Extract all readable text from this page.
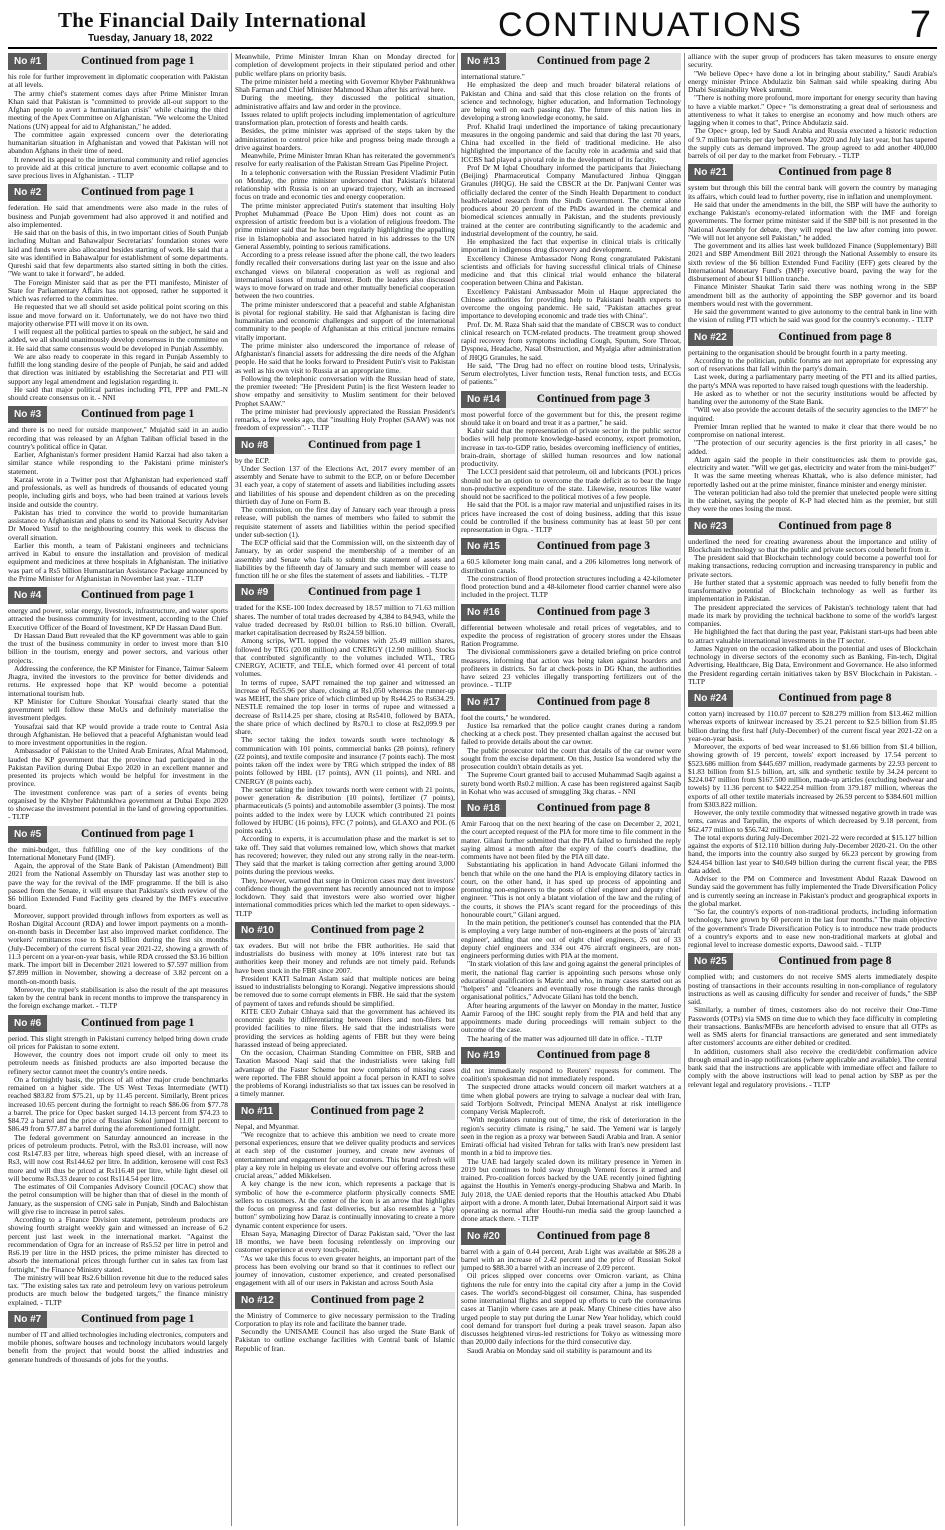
The Financial Daily International
Tuesday, January 18, 2022	CONTINUATIONS	7
No #1	Continued from page 1

his role for further improvement in diplomatic cooperation with Pakistan at all levels.

The army chief's statement comes days after Prime Minister Imran Khan said that Pakistan is "committed to provide all-out support to the Afghan people to avert a humanitarian crisis" while chairing the third meeting of the Apex Committee on Afghanistan. "We welcome the United Nations (UN) appeal for aid to Afghanistan," he added.

The committee again expressed concern over the deteriorating humanitarian situation in Afghanistan and vowed that Pakistan will not abandon Afghans in their time of need.

It renewed its appeal to the international community and relief agencies to provide aid at this critical juncture to avert economic collapse and to save precious lives in Afghanistan. - TLTP

No #2	Continued from page 1

federation. He said that amendments were also made in the rules of business and Punjab government had also approved it and notified and also implemented.

He said that on the basis of this, in two important cities of South Punjab including Multan and Bahawalpur Secretariats' foundation stones were laid and funds were also allocated besides starting of work. He said that a site was identified in Bahawalpur for establishment of some departments. Qureshi said that few departments also started sitting in both the cities. "We want to take it forward", he added.

The Foreign Minister said that as per the PTI manifesto, Minister of State for Parliamentary Affairs has not opposed, rather he supported it which was referred to the committee.

He requested that we all should set aside political point scoring on this issue and move forward on it. Unfortunately, we do not have two third majority otherwise PTI will move it on its own.

I will request all the political parties to speak on the subject, he said and added, we all should unanimously develop consensus in the committee on it. He said that same consensus would be developed in Punjab Assembly.

We are also ready to cooperate in this regard in Punjab Assembly to fulfill the long standing desire of the people of Punjab, he said and added that direction was initiated by establishing the Secretariat and PTI will support any legal amendment and legislation regarding it.

He said that major political parties including PTI, PPP and PML-N should create consensus on it. - NNI

No #3	Continued from page 1

and there is no need for outside manpower," Mujahid said in an audio recording that was released by an Afghan Taliban official based in the country's political office in Qatar.

Earlier, Afghanistan's former president Hamid Karzai had also taken a similar stance while responding to the Pakistani prime minister's statement.

Karzai wrote in a Twitter post that Afghanistan had experienced staff and professionals, as well as hundreds of thousands of educated young people, including girls and boys, who had been trained at various levels inside and outside the country.

Pakistan has tried to convince the world to provide humanitarian assistance to Afghanistan and plans to send its National Security Adviser Dr Moeed Yusuf to the neighbouring country this week to discuss the overall situation.

Earlier this month, a team of Pakistani engineers and technicians arrived in Kabul to ensure the installation and provision of medical equipment and medicines at three hospitals in Afghanistan. The initiative was part of a Rs5 billion Humanitarian Assistance Package announced by the Prime Minister for Afghanistan in November last year. - TLTP

No #4	Continued from page 1

energy and power, solar energy, livestock, infrastructure, and water sports attracted the business community for investment, according to the Chief Executive Officer of the Board of Investment, KP Dr Hassan Daud Butt.

Dr Hassan Daud Butt revealed that the KP government was able to gain the trust of the business community in order to invest more than $10 billion in the tourism, energy and power sectors, and various other projects.

Addressing the conference, the KP Minister for Finance, Taimur Saleem Jhagra, invited the investors to the province for better dividends and returns. He expressed hope that KP would become a potential international tourism hub.

KP Minister for Culture Shoukat Yousafzai clearly stated that the government will follow these MoUs and definitely materialise the investment pledges.

Yousafzai said that KP would provide a trade route to Central Asia through Afghanistan. He believed that a peaceful Afghanistan would lead to more investment opportunities in the region.

Ambassador of Pakistan to the United Arab Emirates, Afzal Mahmood, lauded the KP government that the province had participated in the Pakistan Pavilion during Dubai Expo 2020 in an excellent manner and presented its projects which would be helpful for investment in the province.

The investment conference was part of a series of events being organised by the Khyber Pakhtunkhwa government at Dubai Expo 2020 to showcase the investment potential in the land of growing opportunities. - TLTP

No #5	Continued from page 1

the mini-budget, thus fulfilling one of the key conditions of the International Monetary Fund (IMF).

Again, the approval of the State Bank of Pakistan (Amendment) Bill 2021 from the National Assembly on Thursday last was another step to pave the way for the revival of the IMF programme. If the bill is also passed from the Senate, it will ensure that Pakistan's sixth review of the $6 billion Extended Fund Facility gets cleared by the IMF's executive board.

Moreover, support provided through inflows from exporters as well as Roshan Digital Account (RDA) and lower import payments on a month-on-month basis in December last also improved market confidence. The workers' remittances rose to $15.8 billion during the first six months (July-December) of the current fiscal year 2021-22, showing a growth of 11.3 percent on a year-on-year basis, while RDA crossed the $3.16 billion mark. The import bill in December 2021 lowered to $7.597 million from $7.899 million in November, showing a decrease of 3.82 percent on a month-on-month basis.

Moreover, the rupee's stabilisation is also the result of the apt measures taken by the central bank in recent months to improve the transparency in the foreign exchange market. - TLTP

No #6	Continued from page 1

period. This slight strength in Pakistani currency helped bring down crude oil prices for Pakistan to some extent.

However, the country does not import crude oil only to meet its petroleum needs as finished products are also imported because the refinery sector cannot meet the country's entire needs.

On a fortnightly basis, the prices of all other major crude benchmarks remained on a higher side. The US West Texas Intermediate (WTI) reached $83.82 from $75.21, up by 11.45 percent. Similarly, Brent prices increased 10.65 percent during the fortnight to reach $86.06 from $77.78 a barrel. The price for Opec basket surged 14.13 percent from $74.23 to $84.72 a barrel and the price of Russian Sokol jumped 11.01 percent to $86.49 from $77.87 a barrel during the aforementioned fortnight.

The federal government on Saturday announced an increase in the prices of petroleum products. Petrol, with the Rs3.01 increase, will now cost Rs147.83 per litre, whereas high speed diesel, with an increase of Rs3, will now cost Rs144.62 per litre. In addition, kerosene will cost Rs3 more and will thus be priced at Rs116.48 per litre, while light diesel oil will become Rs3.33 dearer to cost Rs114.54 per litre.

The estimates of Oil Companies Advisory Council (OCAC) show that the petrol consumption will be higher than that of diesel in the month of January, as the suspension of CNG sale in Punjab, Sindh and Balochistan will give rise to increase in petrol sales.

According to a Finance Division statement, petroleum products are showing fourth straight weekly gain and witnessed an increase of 6.2 percent just last week in the international market. "Against the recommendation of Ogra for an increase of Rs5.52 per litre in petrol and Rs6.19 per litre in the HSD prices, the prime minister has directed to absorb the international prices through further cut in sales tax from last fortnight," the Finance Ministry stated.

The ministry will bear Rs2.6 billion revenue hit due to the reduced sales tax. "The existing sales tax rate and petroleum levy on various petroleum products are much below the budgeted targets," the finance ministry explained. - TLTP

No #7	Continued from page 1

number of IT and allied technologies including electronics, computers and mobile phones, software houses and technology incubators would largely benefit from the project that would boost the allied industries and generate hundreds of thousands of jobs for the youths.

Meanwhile, Prime Minister Imran Khan on Monday directed for completion of development projects in their stipulated period and other public welfare plans on priority basis.

The prime minister held a meeting with Governor Khyber Pakhtunkhwa Shah Farman and Chief Minister Mahmood Khan after his arrival here.

During the meeting, they discussed the political situation, administrative affairs and law and order in the province.

Issues related to uplift projects including implementation of agriculture transformation plan, protection of forests and health cards.

Besides, the prime minister was apprised of the steps taken by the administration to control price hike and progress being made through a drive against hoarders.

Meanwhile, Prime Minister Imran Khan has reiterated the government's resolve for early realisation of the Pakistan Stream Gas Pipeline Project.

In a telephonic conversation with the Russian President Vladimir Putin on Monday, the prime minister underscored that Pakistan's bilateral relationship with Russia is on an upward trajectory, with an increased focus on trade and economic ties and energy cooperation.

The prime minister appreciated Putin's statement that insulting Holy Prophet Muhammad (Peace Be Upon Him) does not count as an expression of artistic freedom but is a violation of religious freedom. The prime minister said that he has been regularly highlighting the appalling rise in Islamophobia and associated hatred in his addresses to the UN General Assembly, pointing to serious ramifications.

According to a press release issued after the phone call, the two leaders fondly recalled their conversations during last year on the issue and also exchanged views on bilateral cooperation as well as regional and international issues of mutual interest. Both the leaders also discussed ways to move forward on trade and other mutually beneficial cooperation between the two countries.

The prime minister underscored that a peaceful and stable Afghanistan is pivotal for regional stability. He said that Afghanistan is facing dire humanitarian and economic challenges and support of the international community to the people of Afghanistan at this critical juncture remains vitally important.

The prime minister also underscored the importance of release of Afghanistan's financial assets for addressing the dire needs of the Afghan people. He said that he looks forward to President Putin's visit to Pakistan as well as his own visit to Russia at an appropriate time.

Following the telephonic conversation with the Russian head of state, the premier tweeted: "He [President Putin] is the first Western leader to show empathy and sensitivity to Muslim sentiment for their beloved Prophet SAAW."

The prime minister had previously appreciated the Russian President's remarks, a few weeks ago, that "insulting Holy Prophet (SAAW) was not freedom of expression". - TLTP

No #8	Continued from page 1

by the ECP.

Under Section 137 of the Elections Act, 2017 every member of an assembly and Senate have to submit to the ECP, on or before December 31 each year, a copy of statement of assets and liabilities including assets and liabilities of his spouse and dependent children as on the preceding thirtieth day of June on Form B.

The commission, on the first day of January each year through a press release, will publish the names of members who failed to submit the requisite statement of assets and liabilities within the period specified under sub-section (1).

The ECP official said that the Commission will, on the sixteenth day of January, by an order suspend the membership of a member of an assembly and Senate who fails to submit the statement of assets and liabilities by the fifteenth day of January and such member will cease to function till he or she files the statement of assets and liabilities. - TLTP

No #9	Continued from page 1

traded for the KSE-100 Index decreased by 18.57 million to 71.63 million shares. The number of total trades decreased by 4,384 to 84,943, while the value traded decreased by Rs0.01 billion to Rs6.10 billion. Overall, market capitalisation decreased by Rs24.59 billion.

Among scrips, WTL topped the volumes with 25.49 million shares, followed by TRG (20.08 million) and CNERGY (12.90 million). Stocks that contributed significantly to the volumes included WTL, TRG CNERGY, ACIETF, and TELE, which formed over 41 percent of total volumes.

In terms of rupee, SAPT remained the top gainer and witnessed an increase of Rs55.96 per share, closing at Rs1,050 whereas the runner-up was MEHT, the share price of which climbed up by Rs44.25 to Rs634.29. NESTLE remained the top loser in terms of rupee and witnessed a decrease of Rs114.25 per share, closing at Rs5410, followed by BATA, the share price of which declined by Rs70.1 to close at Rs2,099.9 per share.

The sector taking the index towards south were technology & communication with 101 points, commercial banks (28 points), refinery (22 points), and textile composite and insurance (7 points each). The most points taken off the index were by TRG which stripped the index of 88 points followed by HBL (17 points), AVN (11 points), and NRL and CNERGY (8 points each).

The sector taking the index towards north were cement with 21 points, power generation & distribution (10 points), fertilizer (7 points), pharmaceuticals (5 points) and automobile assembler (3 points). The most points added to the index were by LUCK which contributed 21 points followed by HUBC (16 points), FFC (7 points), and GLAXO and POL (6 points each).

According to experts, it is accumulation phase and the market is set to take off. They said that volumes remained low, which shows that market has recovered; however, they ruled out any strong rally in the near-term. They said that the market is taking correction after getting around 3,000 points during the previous weeks.

They, however, warned that surge in Omicron cases may dent investors' confidence though the government has recently announced not to impose lockdown. They said that investors were also worried over higher international commodities prices which led the market to open sideways. - TLTP

No #10	Continued from page 2

tax evaders. But will not bribe the FBR authorities. He said that industrialists do business with money at 10% interest rate but tax authorities keep their money and refunds are not timely paid. Refunds have been stuck in the FBR since 2007.

President KATI Salman Aslam said that multiple notices are being issued to industrialists belonging to Korangi. Negative impressions should be removed due to some corrupt elements in FBR. He said that the system of payment of taxes and refunds should be simplified.

KITE CEO Zubair Chhaya said that the government has achieved its economic goals by differentiating between filers and non-filers but provided facilities to nine filers. He said that the industrialists were providing the services as holding agents of FBR but they were being harassed instead of being appreciated.

On the occasion, Chairman Standing Committee on FBR, SRB and Taxation Masood Naqi said that the industrialists were taking full advantage of the Faster Scheme but now complaints of missing cases were reported. The FBR should appoint a focal person in KATI to solve the problems of Korangi industrialists so that tax issues can be resolved in a timely manner.

No #11	Continued from page 2

Nepal, and Myanmar.

"We recognize that to achieve this ambition we need to create more personal experiences, ensure that we deliver quality products and services at each step of the customer journey, and create new avenues of entertainment and engagement for our customers. This brand refresh will play a key role in helping us elevate and evolve our offering across these crucial areas," added Mikkelsen.

A key change is the new icon, which represents a package that is symbolic of how the e-commerce platform physically connects SME sellers to customers. At the center of the icon is an arrow that highlights the focus on progress and fast deliveries, but also resembles a "play button" symbolizing how Daraz is continually innovating to create a more dynamic content experience for users.

Ehsan Saya, Managing Director of Daraz Pakistan said, "Over the last 18 months, we have been focusing relentlessly on improving our customer experience at every touch-point.

"As we take this focus to even greater heights, an important part of the process has been evolving our brand so that it continues to reflect our journey of innovation, customer experience, and created personalised engagement with all of our users in Pakistan and across South Asia

No #12	Continued from page 2

the Ministry of Commerce to give necessary permission to the Trading Corporation to play its role and facilitate the banner trade.

Secondly the UNISAME Council has also urged the State Bank of Pakistan to outline exchange facilities with Central bank of Islamic Republic of Iran.

No #13	Continued from page 2

international stature."

He emphasized the deep and much broader bilateral relations of Pakistan and China and said that this close relation on the fronts of science and technology, higher education, and Information Technology are being well on each passing day. The future of this nation lies in developing a strong knowledge economy, he said.

Prof. Khalid Iraqi underlined the importance of taking precautionary measures in the ongoing pandemic and said that during the last 70 years, China had excelled in the field of traditional medicine. He also highlighted the importance of the faculty role in academia and said that ICCBS had played a pivotal role in the development of its faculty.

Prof Dr M Iqbal Choudhary informed the participants that Jiuiechang (Beijing) Pharmaceutical Company Manufactured Jinhua Qinggan Granules (JHQG). He said the CBSCR at the Dr. Panjwani Center was officially declared the center of the Sindh Health Department to conduct health-related research from the Sindh Government. The center alone produces about 20 percent of the PhDs awarded in the chemical and biomedical sciences annually in Pakistan, and the students previously trained at the center are contributing significantly to the academic and industrial development of the country, he said.

He emphasized the fact that expertise in clinical trials is critically important in indigenous drug discovery and development.

Excellency Chinese Ambassador Nong Rong congratulated Pakistani scientists and officials for having successful clinical trials of Chinese medicine and that this clinical trial would enhance the bilateral cooperation between China and Pakistan.

Excellency Pakistani Ambassador Moin ul Haque appreciated the Chinese authorities for providing help to Pakistani health experts to overcome the ongoing pandemic. He said, "Pakistan attaches great importance to developing economic and trade ties with China".

Prof. Dr. M. Raza Shah said that the mandate of CBSCR was to conduct clinical research on TCM-related products. The treatment group showed rapid recovery from symptoms including Cough, Sputum, Sore Throat, Dyspnea, Headache, Nasal Obstruction, and Myalgia after administration of JHQG Granules, he said.

He said, "The Drug had no effect on routine blood tests, Urinalysis, Serum electrolytes, Liver function tests, Renal function tests, and ECGs of patients."

No #14	Continued from page 3

most powerful force of the government but for this, the present regime should take it on board and treat it as a partner," he said.

Kabir said that the representation of private sector in the public sector bodies will help promote knowledge-based economy, export promotion, increase in tax-to-GDP ratio, besides overcoming inefficiency of entities, brain-drain, shortage of skilled human resources and low national productivity.

The LCCI president said that petroleum, oil and lubricants (POL) prices should not be an option to overcome the trade deficit as to bear the huge non-productive expenditure of the state. Likewise, resources like water should not be sacrificed to the political motives of a few people.

He said that the POL is a major raw material and unjustified raises in its prices have increased the cost of doing business, adding that this issue could be controlled if the business community has at least 50 per cent representation in Ogra. - TLTP

No #15	Continued from page 3

a 60.5 kilometer long main canal, and a 206 kilometres long network of distribution canals.

The construction of flood protection structures including a 42-kilometer flood protection bund and a 48-kilometer flood carrier channel were also included in the project. TLTP

No #16	Continued from page 3

differential between wholesale and retail prices of vegetables, and to expedite the process of registration of grocery stores under the Ehsaas Ration Programme.

The divisional commissioners gave a detailed briefing on price control measures, informing that action was being taken against hoarders and profiteers in districts. So far at check-posts in DG Khan, the authorities have seized 23 vehicles illegally transporting fertilizers out of the province. - TLTP

No #17	Continued from page 8

fool the courts," he wondered.

Justice Isa remarked that the police caught cranes during a random checking at a check post. They presented challan against the accused but failed to provide details about the car owner.

The public prosecutor told the court that details of the car owner were sought from the excise department. On this, Justice Isa wondered why the prosecution couldn't obtain details as yet.

The Supreme Court granted bail to accused Muhammad Saqib against a surety bond worth Rs0.2 million. A case has been registered against Saqib in Kohat who was accused of smuggling 3kg charas. - NNI

No #18	Continued from page 8

Amir Farooq that on the next hearing of the case on December 2, 2021, the court accepted request of the PIA for more time to file comment in the matter. Gilani further submitted that the PIA failed to furnished the reply saying almost a month after the expiry of the court's deadline, the comments have not been filed by the PIA till date.

Substantiating his application in hand Advocate Gilani informed the bench that while on the one hand the PIA is employing dilatory tactics in court, on the other hand, it has sped up process of appointing and promoting non-engineers to the posts of chief engineer and deputy chief engineer. "This is not only a blatant violation of the law and the ruling of the courts, it shows the PIA's scant regard for the proceedings of this honourable court," Gilani argued.

In the main petition, the petitioner's counsel has contended that the PIA is employing a very large number of non-engineers at the posts of 'aircraft engineer', adding that one out of eight chief engineers, 25 out of 33 deputy chief engineers and 334 out 476 aircraft engineers, are non-engineers performing duties with PIA at the moment.

"In stark violation of this law and going against the general principles of merit, the national flag carrier is appointing such persons whose only educational qualification is Matric and who, in many cases started out as "helpers" and "cleaners and eventually rose through the ranks through organisational politics," Advocate Gilani has told the bench.

After hearing arguments of the lawyer on Monday in the matter, Justice Aamir Farooq of the IHC sought reply from the PIA and held that any appointments made during proceedings will remain subject to the outcome of the case.

The hearing of the matter was adjourned till date in office. - TLTP

No #19	Continued from page 8

did not immediately respond to Reuters' requests for comment. The coalition's spokesman did not immediately respond.

The suspected drone attacks would concern oil market watchers at a time when global powers are trying to salvage a nuclear deal with Iran, said Torbjorn Soltvedt, Principal MENA Analyst at risk intelligence company Verisk Maplecroft.

"With negotiators running out of time, the risk of deterioration in the region's security climate is rising," he said. The Yemeni war is largely seen in the region as a proxy war between Saudi Arabia and Iran. A senior Emirati official had visited Tehran for talks with Iran's new president last month in a bid to improve ties.

The UAE had largely scaled down its military presence in Yemen in 2019 but continues to hold sway through Yemeni forces it armed and trained. Pro-coalition forces backed by the UAE recently joined fighting against the Houthis in Yemen's energy-producing Shabwa and Marib. In July 2018, the UAE denied reports that the Houthis attacked Abu Dhabi airport with a drone. A month later, Dubai International Airport said it was operating as normal after Houthi-run media said the group launched a drone attack there. - TLTP

No #20	Continued from page 8

barrel with a gain of 0.44 percent, Arab Light was available at $86.28 a barrel with an increase of 2.42 percent and the price of Russian Sokol jumped to $88.30 a barrel with an increase of 2.09 percent.

Oil prices slipped over concerns over Omicron variant, as China tightens the rule for entry into the capital city after a jump in the Covid cases. The world's second-biggest oil consumer, China, has suspended some international flights and stepped up efforts to curb the coronavirus cases at Tianjin where cases are at peak. Many Chinese cities have also urged people to stay put during the Lunar New Year holiday, which could cool demand for transport fuel during a peak travel season. Japan also discusses heightened virus-led restrictions for Tokyo as witnessing more than 20,000 daily infections for the third consecutive day.

Saudi Arabia on Monday said oil stability is paramount and its

alliance with the super group of producers has taken measures to ensure energy security.

"We believe Opec+ have done a lot in bringing about stability," Saudi Arabia's energy minister Prince Abdulaziz bin Salman said while speaking during Abu Dhabi Sustainability Week summit.

"There is nothing more profound, more important for energy security than having to have a viable market." Opec+ "is demonstrating a great deal of seriousness and attentiveness to what it takes to energise an economy and how much others are lagging when it comes to that", Prince Abdulaziz said.

The Opec+ group, led by Saudi Arabia and Russia executed a historic reduction of 9.7 million barrels per day between May 2020 and July last year, but has tapered the supply cuts as demand improved. The group agreed to add another 400,000 barrels of oil per day to the market from February. - TLTP

No #21	Continued from page 8

system but through this bill the central bank will govern the country by managing its affairs, which could lead to further poverty, rise in inflation and unemployment.

He said that under the amendments in the bill, the SBP will have the authority to exchange Pakistan's economy-related information with the IMF and foreign governments. The former prime minister said if the SBP bill is not presented in the National Assembly for debate, they will repeal the law after coming into power. "We will not let anyone sell Pakistan," he added.

The government and its allies last week bulldozed Finance (Supplementary) Bill 2021 and SBP Amendment Bill 2021 through the National Assembly to ensure its sixth review of the $6 billion Extended Fund Facility (EFF) gets cleared by the International Monetary Fund's (IMF) executive board, paving the way for the disbursement of about $1 billion tranche.

Finance Minister Shaukat Tarin said there was nothing wrong in the SBP amendment bill as the authority of appointing the SBP governor and its board members would rest with the government.

He said the government wanted to give autonomy to the central bank in line with the vision of ruling PTI which he said was good for the country's economy. - TLTP

No #22	Continued from page 8

pertaining to the organisation should be brought fourth in a party meeting.

According to the politician, public forums are not appropriate for expressing any sort of reservations that fall within the party's domain.

Last week, during a parliamentary party meeting of the PTI and its allied parties, the party's MNA was reported to have raised tough questions with the leadership.

He asked as to whether or not the security institutions would be affected by handing over the autonomy of the State Bank.

"Will we also provide the account details of the security agencies to the IMF?" he inquired.

Premier Imran replied that he wanted to make it clear that there would be no compromise on national interest.

"The protection of our security agencies is the first priority in all cases," he added.

Alam again said the people in their constituencies ask them to provide gas, electricity and water. "Will we get gas, electricity and water from the mini-budget?"

It was the same meeting whereas Khattak, who is also defence minister, had reportedly lashed out at the prime minister, finance minister and energy minister.

The veteran politician had also told the premier that unelected people were sitting in the cabinet, saying the people of K-P had elected him as the premier, but still they were the ones losing the most.

No #23	Continued from page 8

underlined the need for creating awareness about the importance and utility of Blockchain technology so that the public and private sectors could benefit from it.

The president said that Blockchain technology could become a powerful tool for making transactions, reducing corruption and increasing transparency in public and private sectors.

He further stated that a systemic approach was needed to fully benefit from the transformative potential of Blockchain technology as well as further its implementation in Pakistan.

The president appreciated the services of Pakistan's technology talent that had made its mark by providing the technical backbone to some of the world's largest companies.

He highlighted the fact that during the past year, Pakistani start-ups had been able to attract valuable international investments in the IT sector.

James Nguyen on the occasion talked about the potential and uses of Blockchain technology in diverse sectors of the economy such as Banking, Fin-tech, Digital Advertising, Healthcare, Big Data, Environment and Governance. He also informed the President regarding certain initiatives taken by BSV Blockchain in Pakistan. - TLTP

No #24	Continued from page 8

cotton yarn) increased by 110.07 percent to $28.279 million from $13.462 million whereas exports of knitwear increased by 35.21 percent to $2.5 billion from $1.85 billion during the first half (July-December) of the current fiscal year 2021-22 on a year-on-year basis.

Moreover, the exports of bed wear increased to $1.66 billion from $1.4 billion, showing growth of 19 percent, towels' export increased by 17.54 percent to $523.686 million from $445.697 million, readymade garments by 22.93 percent to $1.83 billion from $1.5 billion, art, silk and synthetic textile by 34.24 percent to $224.047 million from $167.500 million, made-up articles (excluding bedwear and towels) by 11.36 percent to $422.254 million from 379.187 million, whereas the exports of all other textile materials increased by 26.59 percent to $384.601 million from $303.822 million.

However, the only textile commodity that witnessed negative growth in trade was tents, canvas and Tarpulin, the exports of which decreased by 9.18 percent, from $62.477 million to $56.742 million.

The total exports during July-December 2021-22 were recorded at $15.127 billion against the exports of $12.110 billion during July-December 2020-21. On the other hand, the imports into the country also surged by 66.23 percent by growing from $24.454 billion last year to $40.649 billion during the current fiscal year, the PBS data added.

Adviser to the PM on Commerce and Investment Abdul Razak Dawood on Sunday said the government has fully implemented the Trade Diversification Policy and is currently seeing an increase in Pakistan's product and geographical exports in the global market.

"So far, the country's exports of non-traditional products, including information technology, have grown by 60 percent in the last four months." The main objective of the government's Trade Diversification Policy is to introduce new trade products of a country's exports and to ease new non-traditional markets at global and regional level to increase domestic exports, Dawood said. - TLTP

No #25	Continued from page 8

complied with; and customers do not receive SMS alerts immediately despite posting of transactions in their accounts resulting in non-compliance of regulatory instructions as well as causing difficulty for sender and receiver of funds," the SBP said.

Similarly, a number of times, customers also do not receive their One-Time Passwords (OTPs) via SMS on time due to which they face difficulty in completing their transactions. Banks/MFBs are henceforth advised to ensure that all OTPs as well as SMS alerts for financial transactions are generated and sent immediately after customers' accounts are either debited or credited.

In addition, customers shall also receive the credit/debit confirmation advice through email and in-app notifications (where applicable and available). The central bank said that the instructions are applicable with immediate effect and failure to comply with the above instructions will lead to penal action by SBP as per the relevant legal and regulatory provisions. - TLTP
